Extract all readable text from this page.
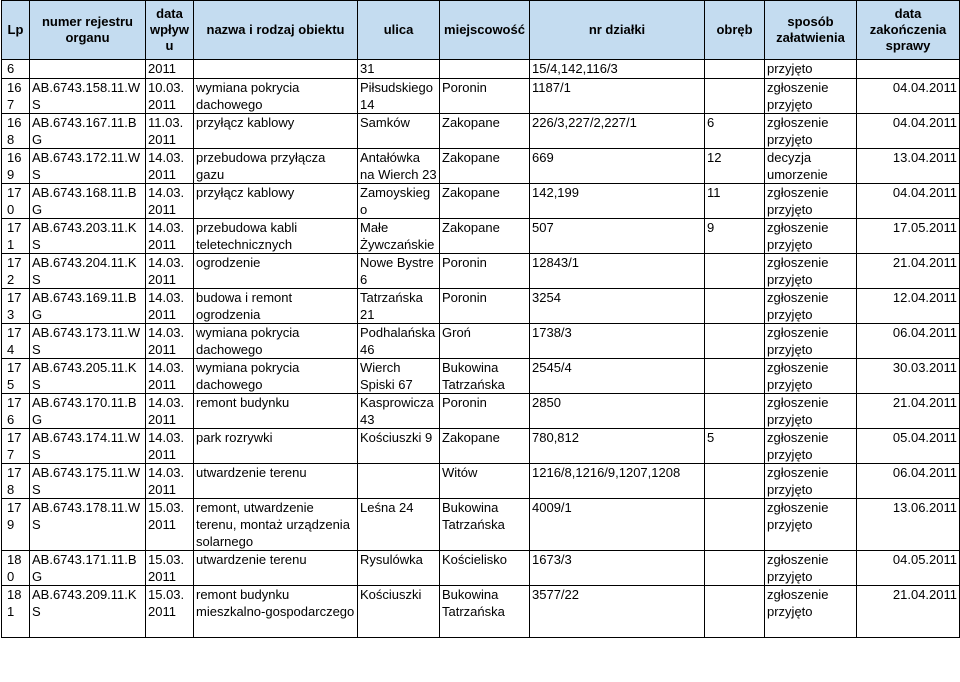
Lp	numer rejestru organu	data wpływu	nazwa i rodzaj obiektu	ulica	miejscowość	nr działki	obręb	sposób załatwienia	data zakończenia sprawy
6		2011		31		15/4,142,116/3		przyjęto	
167	AB.6743.158.11.WS	10.03. 2011	wymiana pokrycia dachowego	Piłsudskiego 14	Poronin	1187/1		zgłoszenie przyjęto	04.04.2011
168	AB.6743.167.11.BG	11.03. 2011	przyłącz kablowy	Samków	Zakopane	226/3,227/2,227/1	6	zgłoszenie przyjęto	04.04.2011
169	AB.6743.172.11.WS	14.03. 2011	przebudowa przyłącza gazu	Antałówka na Wierch 23	Zakopane	669	12	decyzja umorzenie	13.04.2011
170	AB.6743.168.11.BG	14.03. 2011	przyłącz kablowy	Zamoyskiego	Zakopane	142,199	11	zgłoszenie przyjęto	04.04.2011
171	AB.6743.203.11.KS	14.03. 2011	przebudowa kabli teletechnicznych	Małe Żywczańskie	Zakopane	507	9	zgłoszenie przyjęto	17.05.2011
172	AB.6743.204.11.KS	14.03. 2011	ogrodzenie	Nowe Bystre 6	Poronin	12843/1		zgłoszenie przyjęto	21.04.2011
173	AB.6743.169.11.BG	14.03. 2011	budowa i remont ogrodzenia	Tatrzańska 21	Poronin	3254		zgłoszenie przyjęto	12.04.2011
174	AB.6743.173.11.WS	14.03. 2011	wymiana pokrycia dachowego	Podhalańska 46	Groń	1738/3		zgłoszenie przyjęto	06.04.2011
175	AB.6743.205.11.KS	14.03. 2011	wymiana pokrycia dachowego	Wierch Spiski 67	Bukowina Tatrzańska	2545/4		zgłoszenie przyjęto	30.03.2011
176	AB.6743.170.11.BG	14.03. 2011	remont budynku	Kasprowicza 43	Poronin	2850		zgłoszenie przyjęto	21.04.2011
177	AB.6743.174.11.WS	14.03. 2011	park rozrywki	Kościuszki 9	Zakopane	780,812	5	zgłoszenie przyjęto	05.04.2011
178	AB.6743.175.11.WS	14.03. 2011	utwardzenie terenu		Witów	1216/8,1216/9,1207,1208		zgłoszenie przyjęto	06.04.2011
179	AB.6743.178.11.WS	15.03. 2011	remont, utwardzenie terenu, montaż urządzenia solarnego	Leśna 24	Bukowina Tatrzańska	4009/1		zgłoszenie przyjęto	13.06.2011
180	AB.6743.171.11.BG	15.03. 2011	utwardzenie terenu	Rysulówka	Kościelisko	1673/3		zgłoszenie przyjęto	04.05.2011
181	AB.6743.209.11.KS	15.03. 2011	remont budynku mieszkalno-gospodarczego	Kościuszki	Bukowina Tatrzańska	3577/22		zgłoszenie przyjęto	21.04.2011
